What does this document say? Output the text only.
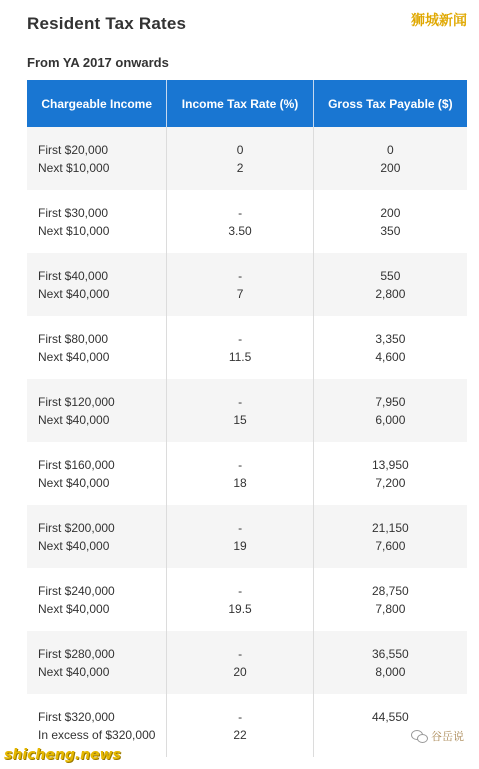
Resident Tax Rates
From YA 2017 onwards
狮城新闻
Chargeable Income	Income Tax Rate (%)	Gross Tax Payable ($)
First $20,000
Next $10,000
0
2
0
200
First $30,000
Next $10,000
-
3.50
200
350
First $40,000
Next $40,000
-
7
550
2,800
First $80,000
Next $40,000
-
11.5
3,350
4,600
First $120,000
Next $40,000
-
15
7,950
6,000
First $160,000
Next $40,000
-
18
13,950
7,200
First $200,000
Next $40,000
-
19
21,150
7,600
First $240,000
Next $40,000
-
19.5
28,750
7,800
First $280,000
Next $40,000
-
20
36,550
8,000
First $320,000
In excess of $320,000
-
22
44,550

shicheng.news
谷岳说
